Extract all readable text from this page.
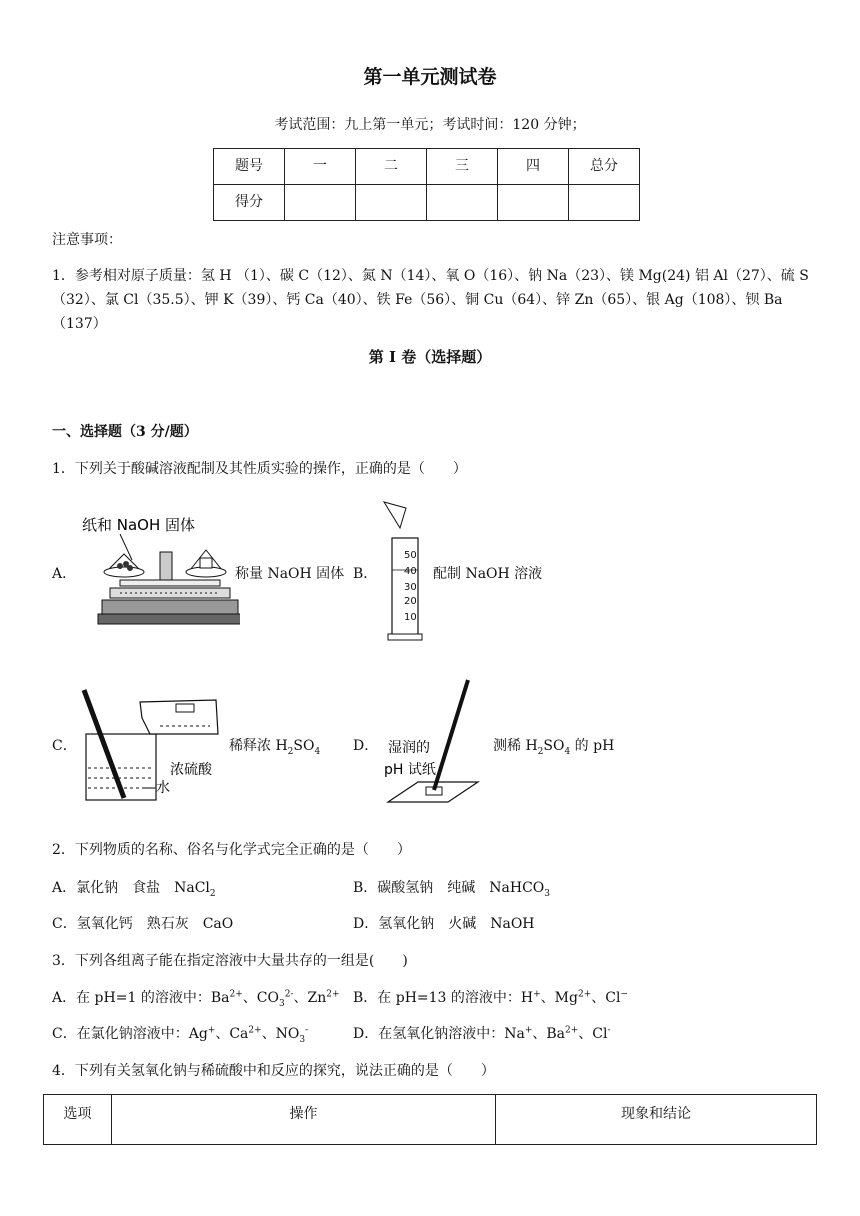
第一单元测试卷
考试范围：九上第一单元；考试时间：120 分钟；
题号	一	二	三	四	总分
得分					
注意事项：
1．参考相对原子质量：氢 H （1）、碳 C（12）、氮 N（14）、氧 O（16）、钠 Na（23）、镁 Mg(24) 铝 Al（27）、硫 S（32）、氯 Cl（35.5）、钾 K（39）、钙 Ca（40）、铁 Fe（56）、铜 Cu（64）、锌 Zn（65）、银 Ag（108）、钡 Ba（137）
第 I 卷（选择题）
一、选择题（3 分/题）
1．下列关于酸碱溶液配制及其性质实验的操作，正确的是（　　）
A．
纸和 NaOH 固体
称量 NaOH 固体 B．
50
40
30
20
10
配制 NaOH 溶液
C．
浓硫酸
—水
稀释浓 $H_2SO_4$ D． 湿润的
pH 试纸
测稀 $H_2SO_4$ 的 pH
2．下列物质的名称、俗名与化学式完全正确的是（　　）
A．氯化钠　食盐　NaCl$_2$	B．碳酸氢钠　纯碱　NaHCO$_3$
C．氢氧化钙　熟石灰　CaO	D．氢氧化钠　火碱　NaOH
3．下列各组离子能在指定溶液中大量共存的一组是(　　)
A．在 pH=1 的溶液中：$Ba^{2+}$、$CO_3^{2-}$、$Zn^{2+}$ B．在 pH=13 的溶液中：H+、$Mg^{2+}$、Cl−
C．在氯化钠溶液中：Ag+、$Ca^{2+}$、$NO_3^-$	D．在氢氧化钠溶液中：Na+、$Ba^{2+}$、Cl-
4．下列有关氢氧化钠与稀硫酸中和反应的探究，说法正确的是（　　）
选项	操作	现象和结论
